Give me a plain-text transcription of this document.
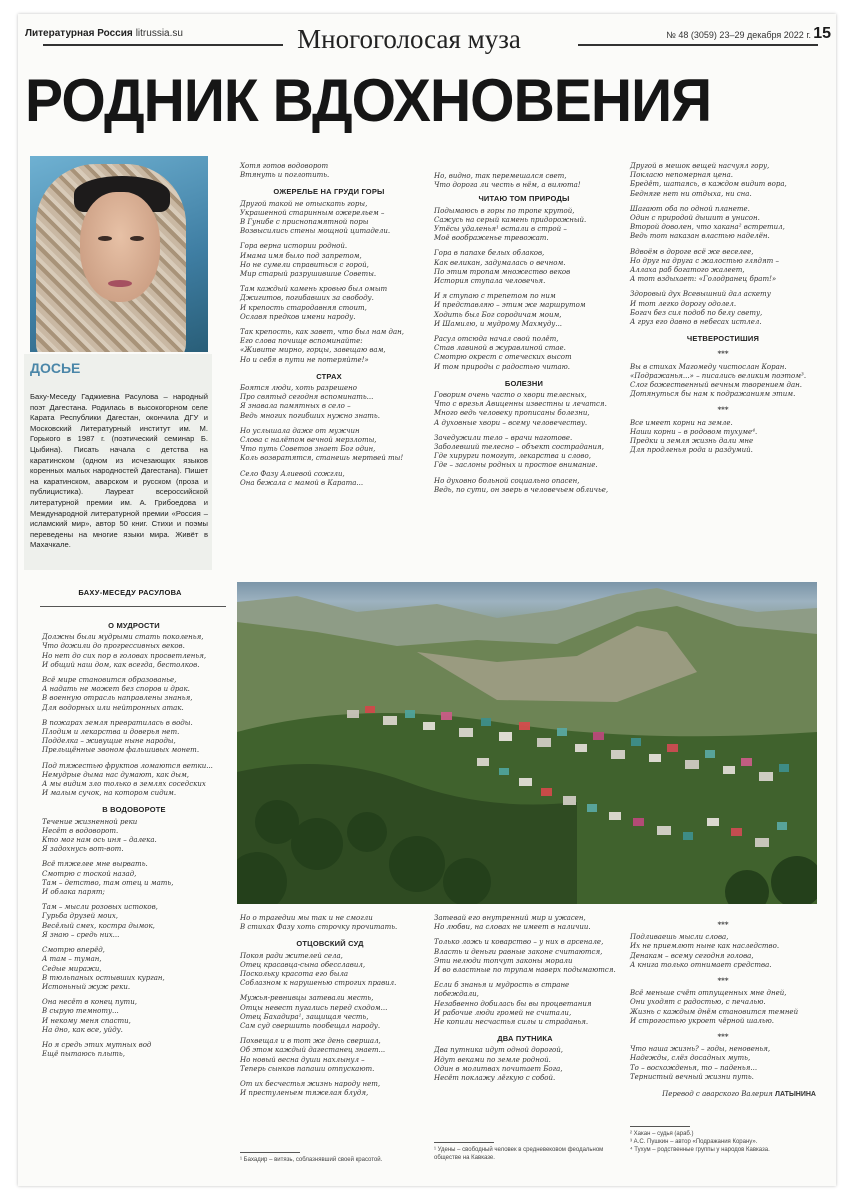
Литературная Россия litrussia.su	Многоголосая муза	№ 48 (3059) 23–29 декабря 2022 г. 15
РОДНИК ВДОХНОВЕНИЯ
ДОСЬЕ
Баху-Меседу Гаджиевна Расулова – народный поэт Дагестана. Родилась в высокогорном селе Карата Республики Дагестан, окончила ДГУ и Московский Литературный институт им. М. Горького в 1987 г. (поэтический семинар Б. Цыбина). Писать начала с детства на каратинском (одном из исчезающих языков коренных малых народностей Дагестана). Пишет на каратинском, аварском и русском (проза и публицистика). Лауреат всероссийской литературной премии им. А. Грибоедова и Международной литературной премии «Россия – исламский мир», автор 50 книг. Стихи и поэмы переведены на многие языки мира. Живёт в Махачкале.
Хотя готов водоворот
Втянуть и поглотить.
ОЖЕРЕЛЬЕ НА ГРУДИ ГОРЫ
Другой такой не отыскать горы,
Украшенной старинным ожерельем –
В Гунибе с приснопамятной поры
Возвысились стены мощной цитадели.
Гора верна истории родной.
Имама имя было под запретом,
Но не сумели справиться с горой,
Мир старый разрушившие Советы.
Там каждый камень кровью был омыт
Джигитов, погибавших за свободу.
И крепость стародавняя стоит,
Ославя предков имени народу.
Так крепость, как завет, что был нам дан,
Его слова почище вспоминайте:
«Живите мирно, горцы, завещаю вам,
Но и себя в пути не потеряйте!»
СТРАХ
Боятся люди, хоть разрешено
Про святыд сегодня вспоминать...
Я знавала памятных в село –
Ведь многих погибших нужно знать.
Но услышала даже от мужчин
Слова с налётом вечной мерзлоты,
Что путь Советов знает Бог один,
Коль возвратятся, станешь мертвей ты!
Село Фазу Алиевой сожгли,
Она бежала с мамой в Карата...
Но, видно, так перемешался свет,
Что дорога ли честь в нём, а вилюта!
ЧИТАЮ ТОМ ПРИРОДЫ
Подымаюсь в горы по тропе крутой,
Сажусь на серый камень придорожный.
Утёсы удаленья¹ встали в строй –
Моё воображенье тревожат.
Гора в папахе белых облаков,
Как великан, задумалась о вечном.
По этим тропам множество веков
История ступала человечья.
И я ступаю с трепетом по ним
И представляю – этим же маршрутом
Ходить был Бог сородичам моим,
И Шамилю, и мудрому Махмуду...
Расул отсюда начал свой полёт,
Став лавиной в журавлиной стае.
Смотрю окрест с отеческих высот
И том природы с радостью читаю.
БОЛЕЗНИ
Говорим очень часто о хвори телесных,
Что с врезья Авиценны известны и лечатся.
Много ведь человеку прописаны болезни,
А духовные хвори – всему человечеству.
Зачедужили тело – врачи наготове.
Заболевший телесно – объект сострадания,
Где хирурги помогут, лекарства и слово,
Где – заслоны родных и простое внимание.
Но духовно больной социально опасен,
Ведь, по сути, он зверь в человечьем обличье,
Другой в мешок вещей насчуял гору,
Покласю непомерная цена.
Бредёт, шатаясь, в каждом видит вора,
Бедняге нет ни отдыха, ни сна.
Шагают оба по одной планете.
Один с природой дышит в унисон.
Второй доволен, что хакана² встретил,
Ведь тот наказан властью наделён.
Вдвоём в дороге всё же веселее,
Но друг на друга с жалостью глядят –
Аллаха раб богатого жалеет,
А тот вздыхает: «Голодранец брат!»
Здоровый дух Всевышний дал аскету
И тот легко дорогу одолел.
Богач без сил подоб по белу свету,
А груз его давно в небесах истлел.
ЧЕТВЕРОСТИШИЯ
***
Вы в стихах Магомеду чистослан Коран.
«Подражанья...» – писались великим поэтом³.
Слог божественный вечным творением дан.
Дотянуться бы нам к подражаниям этим.
***
Все имеет корни на земле.
Наши корни – в родовом тухуме⁴.
Предки и земля жизнь дали мне
Для продленья рода и раздумий.
БАХУ-МЕСЕДУ РАСУЛОВА
О МУДРОСТИ
Должны были мудрыми стать поколенья,
Что дожили до прогрессивных веков.
Но нет до сих пор в головах просветленья,
И общий наш дом, как всегда, бестолков.
Всё мире становится образованье,
А надать не может без споров и драк.
В военную отрасль направлены знанья,
Для водорных или нейтронных атак.
В пожарах земля превратилась в воды.
Плодим и лекарства и доверья нет.
Подделка – живущие ныне народы,
Прельщённые звоном фальшивых монет.
Под тяжестью фруктов ломаются ветки...
Немудрые дыма нас думают, как дым,
А мы видим зло только в землях соседских
И малым сучок, на котором сидим.
В ВОДОВОРОТЕ
Течение жизненной реки
Несёт в водоворот.
Кто мог нам ось иня – далека.
Я задохнусь вот-вот.
Всё тяжелее мне вырвать.
Смотрю с тоской назад,
Там – детство, там отец и мать,
И облака парят;
Там – мысли розовых истоков,
Гурьба друзей моих,
Весёлый смех, костра дымок,
Я знаю – средь них...
Смотрю вперёд,
А там – туман,
Седые миражи,
В тюльпаных остывших курган,
Истоньный жуж реки.
Она несёт в конец пути,
В сырую темноту...
И некому меня спасти,
На дно, как все, уйду.
Но я средь этих мутных вод
Ещё пытаюсь плыть,
Но о трагедии мы так и не смогли
В стихах Фазу хоть строчку прочитать.
ОТЦОВСКИЙ СУД
Покоя ради жителей села,
Отец красавца-сына обесславил,
Поскольку красота его была
Соблазном к нарушенью строгих правил.
Мужья-ревнивцы затевали месть,
Отцы невест пугались перед сходом...
Отец Бахадира¹, защищая честь,
Сам суд свершить пообещал народу.
Похвещал и в тот же день свершал,
Об этом каждый дагестанец знает...
Но новый весна души нахлынул –
Теперь сынков папаши отпускают.
От их бесчестья жизнь народу нет,
И престуленьем тяжелая блудя,
¹ Бахадир – витязь, соблазнявший своей красотой.
Затевай его внутренний мир и ужасен,
Но любви, на словах не имеет в наличии.
Только ложь и коварство – у них в арсенале,
Власть и деньги равные законе считаются,
Эти нелюди топчут законы морали
И во властные по трупам наверх подымаются.
Если б знанья и мудрость в стране побеждали,
Незабвенно добилась бы вы процветания
И рабочие люди громей не считали,
Не копили несчастья силы и страданья.
ДВА ПУТНИКА
Два путника идут одной дорогой,
Идут веками по земле родной.
Один в молитвах почитает Бога,
Несёт поклажу лёгкую с собой.
¹ Удены – свободный человек в средневековом феодальном обществе на Кавказе.
***
Подливаешь мысли слова,
Их не приемлют ныне как наследство.
Денакам – всему сегодня голова,
А книга только отнимает средства.
***
Всё меньше счёт отпущенных мне дней,
Они уходят с радостью, с печалью.
Жизнь с каждым днём становится темней
И строгостью укроет чёрной шалью.
***
Что наша жизнь? – годы, неновенья,
Надежды, слёз досадных муть,
То – восхожденья, то – паденья...
Тернистый вечный жизни путь.
Перевод с аварского Валерия ЛАТЫНИНА
² Хакан – судья (араб.)
³ А.С. Пушкин – автор «Подражания Корану».
⁴ Тухум – родственные группы у народов Кавказа.
